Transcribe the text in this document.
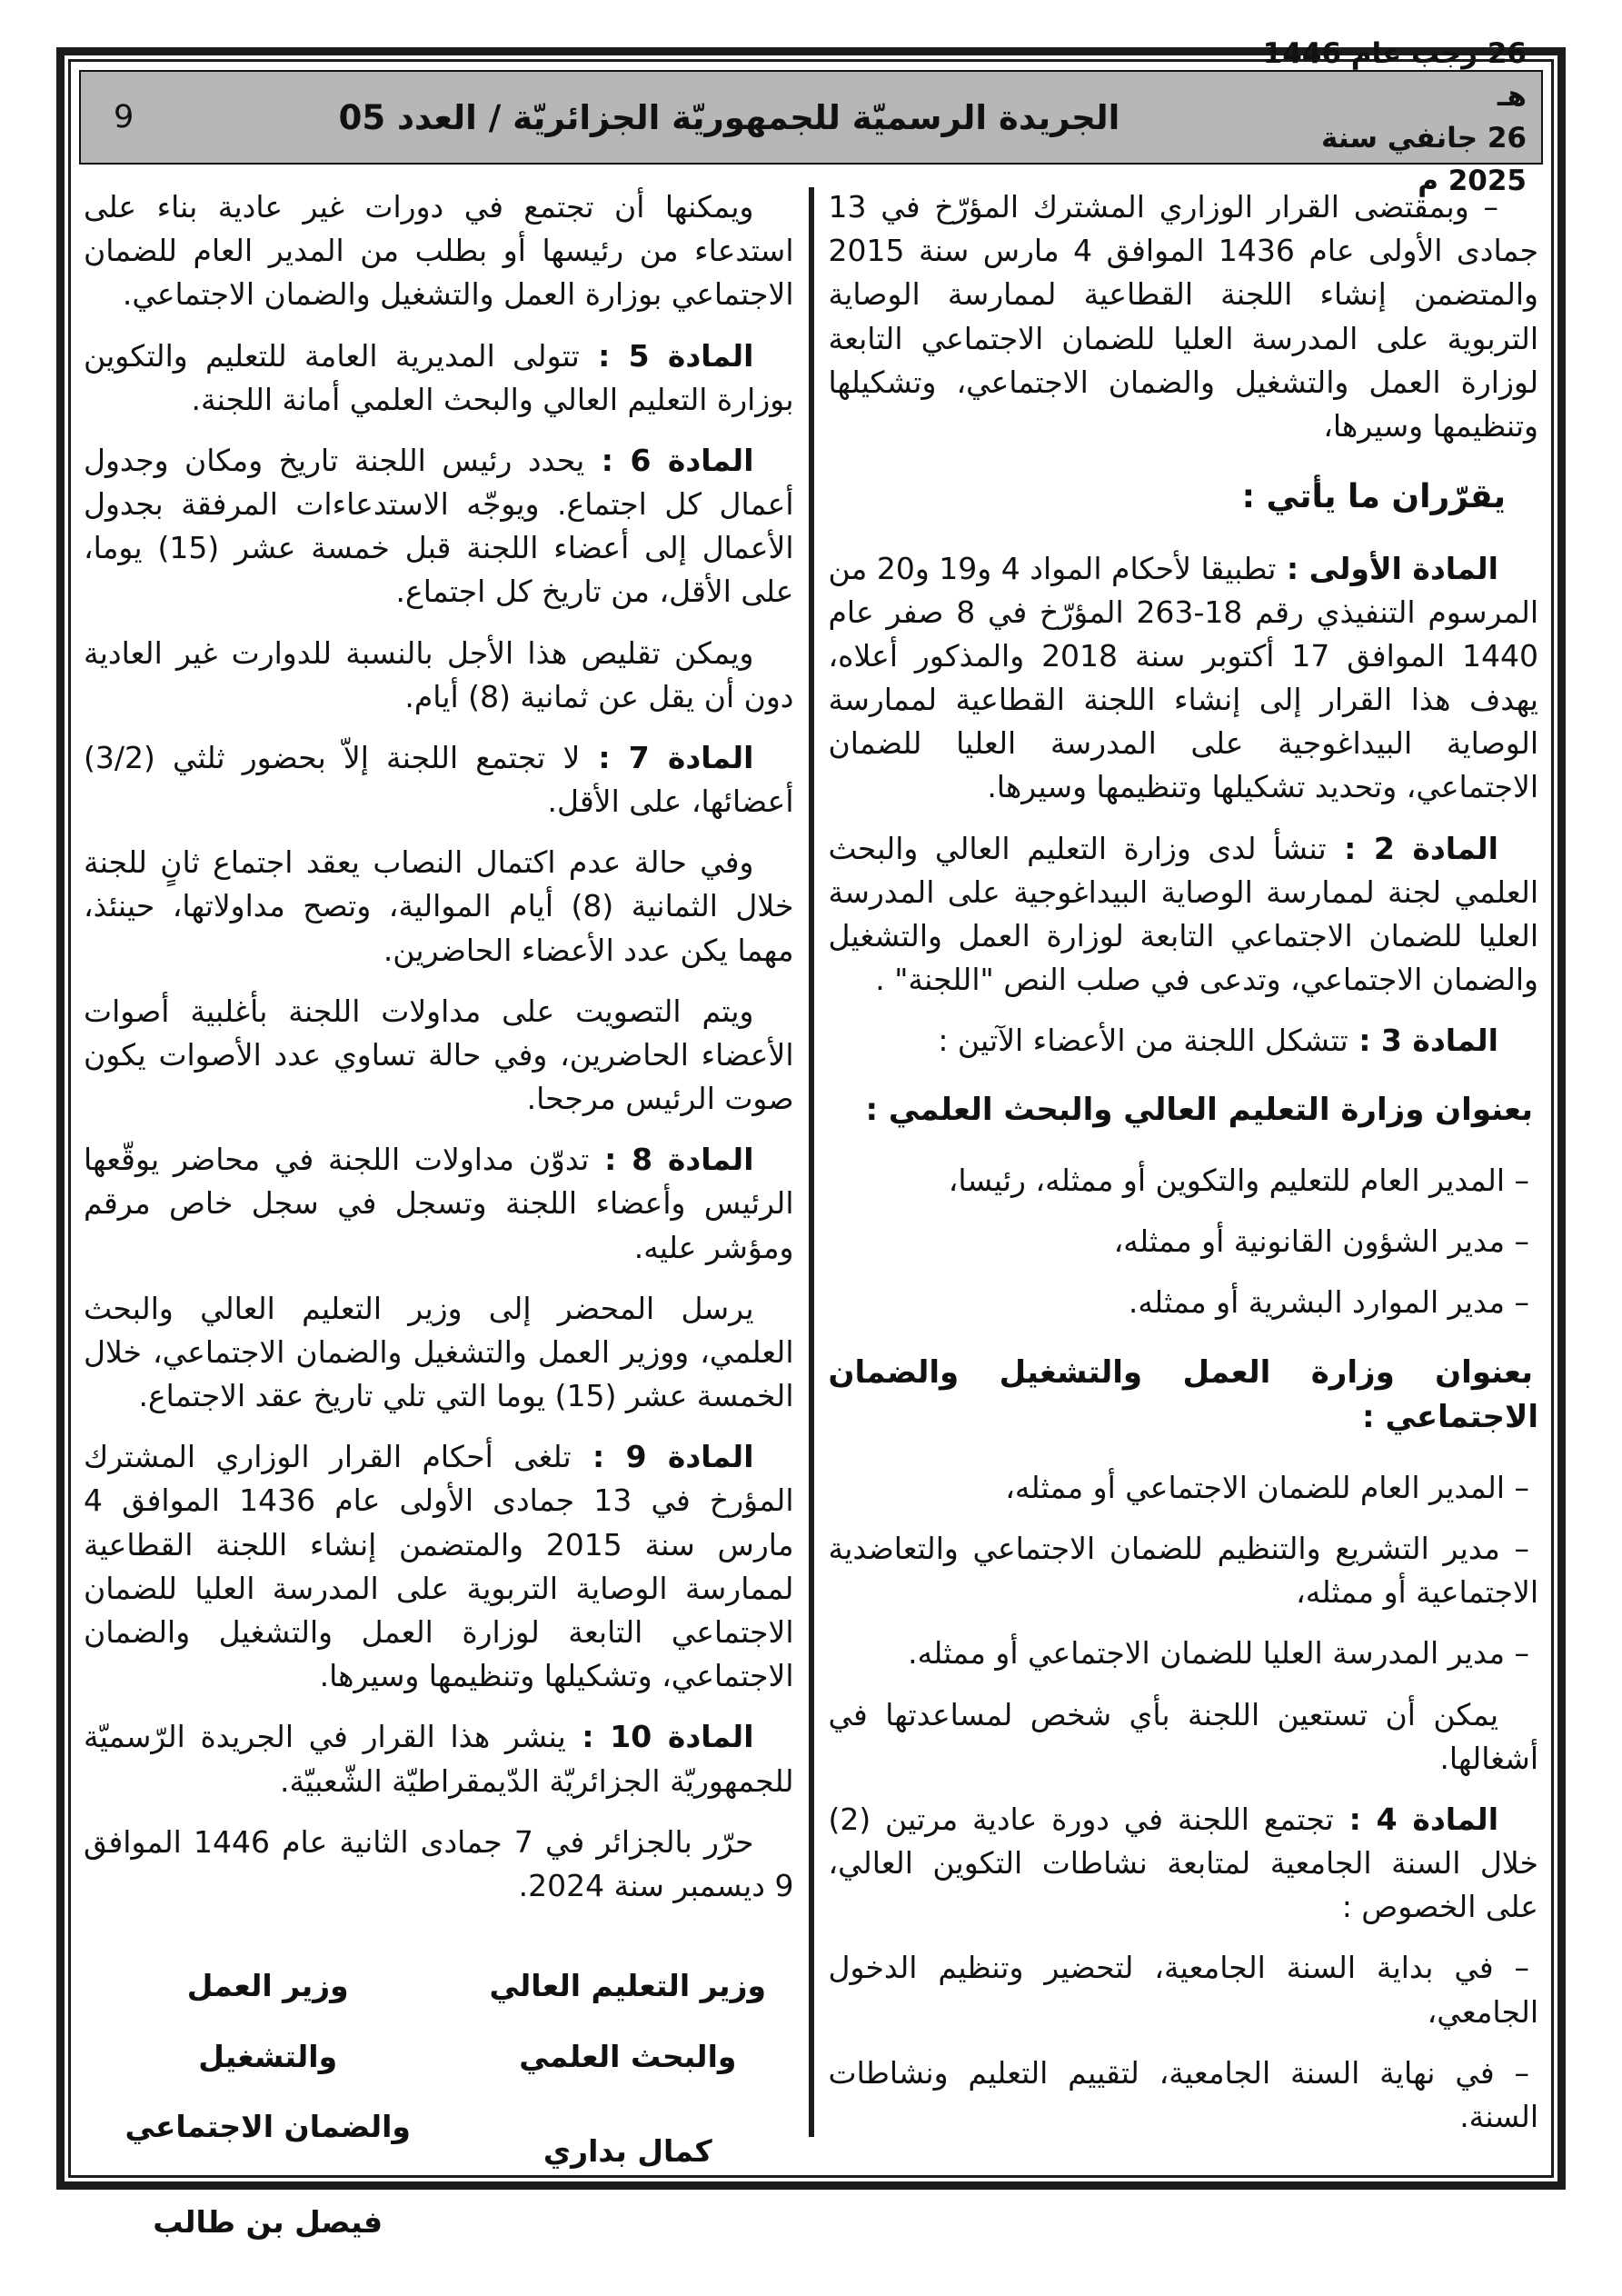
26 رجب عام 1446 هـ
26 جانفي سنة 2025 م
الجريدة الرسميّة للجمهوريّة الجزائريّة / العدد 05
9

– وبمقتضى القرار الوزاري المشترك المؤرّخ في 13 جمادى الأولى عام 1436 الموافق 4 مارس سنة 2015 والمتضمن إنشاء اللجنة القطاعية لممارسة الوصاية التربوية على المدرسة العليا للضمان الاجتماعي التابعة لوزارة العمل والتشغيل والضمان الاجتماعي، وتشكيلها وتنظيمها وسيرها،

يقرّران ما يأتي :

المادة الأولى : تطبيقا لأحكام المواد 4 و19 و20 من المرسوم التنفيذي رقم 18-263 المؤرّخ في 8 صفر عام 1440 الموافق 17 أكتوبر سنة 2018 والمذكور أعلاه، يهدف هذا القرار إلى إنشاء اللجنة القطاعية لممارسة الوصاية البيداغوجية على المدرسة العليا للضمان الاجتماعي، وتحديد تشكيلها وتنظيمها وسيرها.

المادة 2 : تنشأ لدى وزارة التعليم العالي والبحث العلمي لجنة لممارسة الوصاية البيداغوجية على المدرسة العليا للضمان الاجتماعي التابعة لوزارة العمل والتشغيل والضمان الاجتماعي، وتدعى في صلب النص "اللجنة" .

المادة 3 : تتشكل اللجنة من الأعضاء الآتين :

بعنوان وزارة التعليم العالي والبحث العلمي :

– المدير العام للتعليم والتكوين أو ممثله، رئيسا،

– مدير الشؤون القانونية أو ممثله،

– مدير الموارد البشرية أو ممثله.

بعنوان وزارة العمل والتشغيل والضمان الاجتماعي :

– المدير العام للضمان الاجتماعي أو ممثله،

– مدير التشريع والتنظيم للضمان الاجتماعي والتعاضدية الاجتماعية أو ممثله،

– مدير المدرسة العليا للضمان الاجتماعي أو ممثله.

يمكن أن تستعين اللجنة بأي شخص لمساعدتها في أشغالها.

المادة 4 : تجتمع اللجنة في دورة عادية مرتين (2) خلال السنة الجامعية لمتابعة نشاطات التكوين العالي، على الخصوص :

– في بداية السنة الجامعية، لتحضير وتنظيم الدخول الجامعي،

– في نهاية السنة الجامعية، لتقييم التعليم ونشاطات السنة.

ويمكنها أن تجتمع في دورات غير عادية بناء على استدعاء من رئيسها أو بطلب من المدير العام للضمان الاجتماعي بوزارة العمل والتشغيل والضمان الاجتماعي.

المادة 5 : تتولى المديرية العامة للتعليم والتكوين بوزارة التعليم العالي والبحث العلمي أمانة اللجنة.

المادة 6 : يحدد رئيس اللجنة تاريخ ومكان وجدول أعمال كل اجتماع. ويوجّه الاستدعاءات المرفقة بجدول الأعمال إلى أعضاء اللجنة قبل خمسة عشر (15) يوما، على الأقل، من تاريخ كل اجتماع.

ويمكن تقليص هذا الأجل بالنسبة للدوارت غير العادية دون أن يقل عن ثمانية (8) أيام.

المادة 7 : لا تجتمع اللجنة إلاّ بحضور ثلثي (3/2) أعضائها، على الأقل.

وفي حالة عدم اكتمال النصاب يعقد اجتماع ثانٍ للجنة خلال الثمانية (8) أيام الموالية، وتصح مداولاتها، حينئذ، مهما يكن عدد الأعضاء الحاضرين.

ويتم التصويت على مداولات اللجنة بأغلبية أصوات الأعضاء الحاضرين، وفي حالة تساوي عدد الأصوات يكون صوت الرئيس مرجحا.

المادة 8 : تدوّن مداولات اللجنة في محاضر يوقّعها الرئيس وأعضاء اللجنة وتسجل في سجل خاص مرقم ومؤشر عليه.

يرسل المحضر إلى وزير التعليم العالي والبحث العلمي، ووزير العمل والتشغيل والضمان الاجتماعي، خلال الخمسة عشر (15) يوما التي تلي تاريخ عقد الاجتماع.

المادة 9 : تلغى أحكام القرار الوزاري المشترك المؤرخ في 13 جمادى الأولى عام 1436 الموافق 4 مارس سنة 2015 والمتضمن إنشاء اللجنة القطاعية لممارسة الوصاية التربوية على المدرسة العليا للضمان الاجتماعي التابعة لوزارة العمل والتشغيل والضمان الاجتماعي، وتشكيلها وتنظيمها وسيرها.

المادة 10 : ينشر هذا القرار في الجريدة الرّسميّة للجمهوريّة الجزائريّة الدّيمقراطيّة الشّعبيّة.

حرّر بالجزائر في 7 جمادى الثانية عام 1446 الموافق 9 ديسمبر سنة 2024.

وزير التعليم العالي
والبحث العلمي
كمال بداري
وزير العمل والتشغيل
والضمان الاجتماعي
فيصل بن طالب
